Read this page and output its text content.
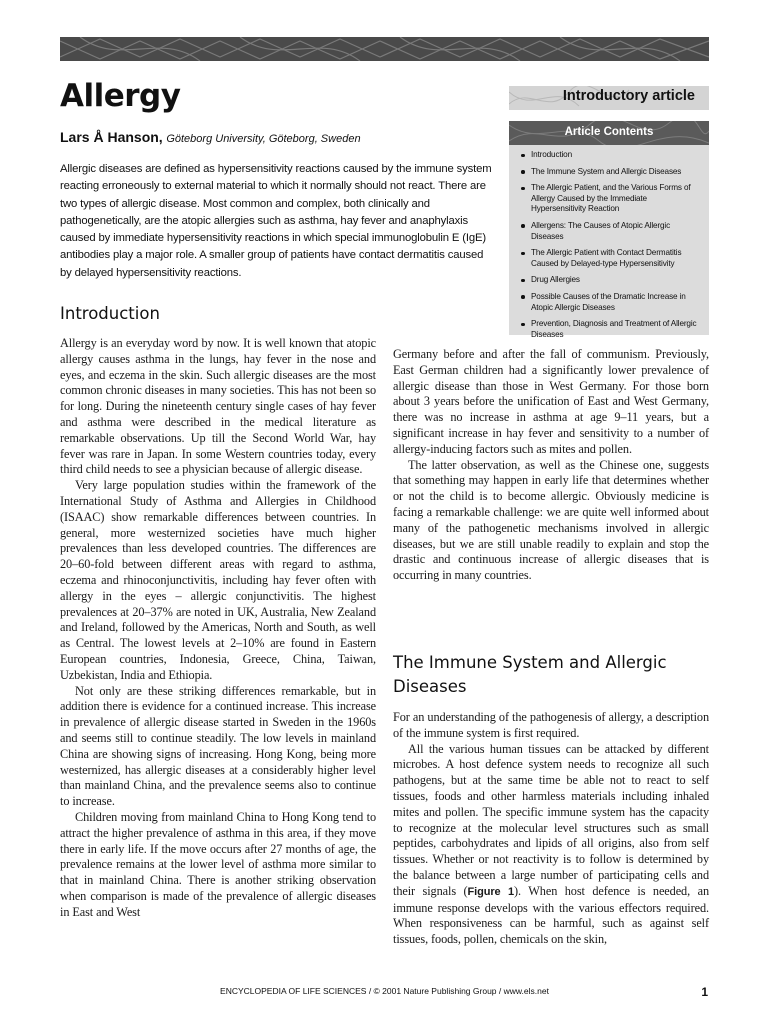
Allergy
Lars Å Hanson, Göteborg University, Göteborg, Sweden
Introductory article
Article Contents
Introduction
The Immune System and Allergic Diseases
The Allergic Patient, and the Various Forms of Allergy Caused by the Immediate Hypersensitivity Reaction
Allergens: The Causes of Atopic Allergic Diseases
The Allergic Patient with Contact Dermatitis Caused by Delayed-type Hypersensitivity
Drug Allergies
Possible Causes of the Dramatic Increase in Atopic Allergic Diseases
Prevention, Diagnosis and Treatment of Allergic Diseases

Allergic diseases are defined as hypersensitivity reactions caused by the immune system reacting erroneously to external material to which it normally should not react. There are two types of allergic disease. Most common and complex, both clinically and pathogenetically, are the atopic allergies such as asthma, hay fever and anaphylaxis caused by immediate hypersensitivity reactions in which special immunoglobulin E (IgE) antibodies play a major role. A smaller group of patients have contact dermatitis caused by delayed hypersensitivity reactions.

Introduction

Allergy is an everyday word by now. It is well known that atopic allergy causes asthma in the lungs, hay fever in the nose and eyes, and eczema in the skin. Such allergic diseases are the most common chronic diseases in many societies. This has not been so for long. During the nineteenth century single cases of hay fever and asthma were described in the medical literature as remarkable observations. Up till the Second World War, hay fever was rare in Japan. In some Western countries today, every third child needs to see a physician because of allergic disease.

Very large population studies within the framework of the International Study of Asthma and Allergies in Childhood (ISAAC) show remarkable differences between countries. In general, more westernized societies have much higher prevalences than less developed countries. The differences are 20–60-fold between different areas with regard to asthma, eczema and rhinoconjunctivitis, including hay fever often with allergy in the eyes – allergic conjunctivitis. The highest prevalences at 20–37% are noted in UK, Australia, New Zealand and Ireland, followed by the Americas, North and South, as well as Central. The lowest levels at 2–10% are found in Eastern European countries, Indonesia, Greece, China, Taiwan, Uzbekistan, India and Ethiopia.

Not only are these striking differences remarkable, but in addition there is evidence for a continued increase. This increase in prevalence of allergic disease started in Sweden in the 1960s and seems still to continue steadily. The low levels in mainland China are showing signs of increasing. Hong Kong, being more westernized, has allergic diseases at a considerably higher level than mainland China, and the prevalence seems also to continue to increase.

Children moving from mainland China to Hong Kong tend to attract the higher prevalence of asthma in this area, if they move there in early life. If the move occurs after 27 months of age, the prevalence remains at the lower level of asthma more similar to that in mainland China. There is another striking observation when comparison is made of the prevalence of allergic diseases in East and West

Germany before and after the fall of communism. Previously, East German children had a significantly lower prevalence of allergic disease than those in West Germany. For those born about 3 years before the unification of East and West Germany, there was no increase in asthma at age 9–11 years, but a significant increase in hay fever and sensitivity to a number of allergy-inducing factors such as mites and pollen.

The latter observation, as well as the Chinese one, suggests that something may happen in early life that determines whether or not the child is to become allergic. Obviously medicine is facing a remarkable challenge: we are quite well informed about many of the pathogenetic mechanisms involved in allergic diseases, but we are still unable readily to explain and stop the drastic and continuous increase of allergic diseases that is occurring in many countries.

The Immune System and Allergic Diseases

For an understanding of the pathogenesis of allergy, a description of the immune system is first required.

All the various human tissues can be attacked by different microbes. A host defence system needs to recognize all such pathogens, but at the same time be able not to react to self tissues, foods and other harmless materials including inhaled mites and pollen. The specific immune system has the capacity to recognize at the molecular level structures such as small peptides, carbohydrates and lipids of all origins, also from self tissues. Whether or not reactivity is to follow is determined by the balance between a large number of participating cells and their signals (Figure 1). When host defence is needed, an immune response develops with the various effectors required. When responsiveness can be harmful, such as against self tissues, foods, pollen, chemicals on the skin,

ENCYCLOPEDIA OF LIFE SCIENCES / © 2001 Nature Publishing Group / www.els.net	1
